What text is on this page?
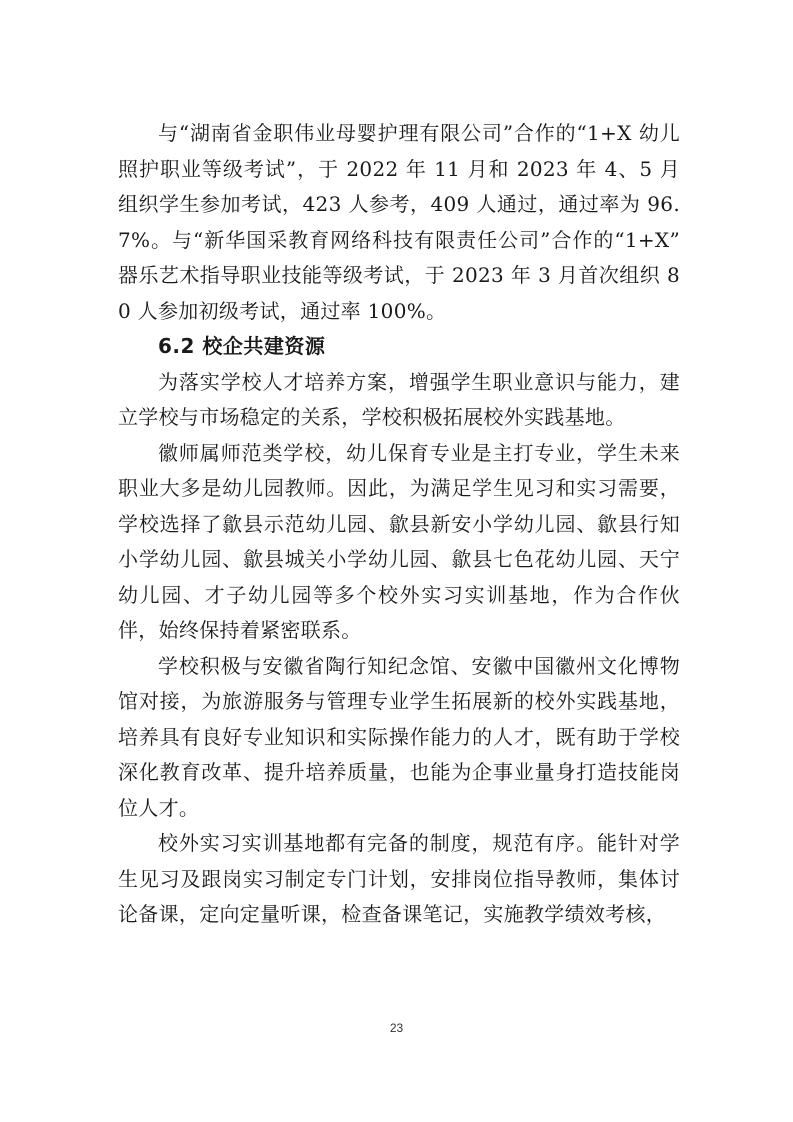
与“湖南省金职伟业母婴护理有限公司”合作的“1+X 幼儿照护职业等级考试”，于 2022 年 11 月和 2023 年 4、5 月组织学生参加考试，423 人参考，409 人通过，通过率为 96.7%。与“新华国采教育网络科技有限责任公司”合作的“1+X” 器乐艺术指导职业技能等级考试，于 2023 年 3 月首次组织 80 人参加初级考试，通过率 100%。

6.2 校企共建资源

为落实学校人才培养方案，增强学生职业意识与能力，建立学校与市场稳定的关系，学校积极拓展校外实践基地。

徽师属师范类学校，幼儿保育专业是主打专业，学生未来职业大多是幼儿园教师。因此，为满足学生见习和实习需要，学校选择了歙县示范幼儿园、歙县新安小学幼儿园、歙县行知小学幼儿园、歙县城关小学幼儿园、歙县七色花幼儿园、天宁幼儿园、才子幼儿园等多个校外实习实训基地，作为合作伙伴，始终保持着紧密联系。

学校积极与安徽省陶行知纪念馆、安徽中国徽州文化博物馆对接，为旅游服务与管理专业学生拓展新的校外实践基地，培养具有良好专业知识和实际操作能力的人才，既有助于学校深化教育改革、提升培养质量，也能为企事业量身打造技能岗位人才。

校外实习实训基地都有完备的制度，规范有序。能针对学生见习及跟岗实习制定专门计划，安排岗位指导教师，集体讨论备课，定向定量听课，检查备课笔记，实施教学绩效考核，

23
